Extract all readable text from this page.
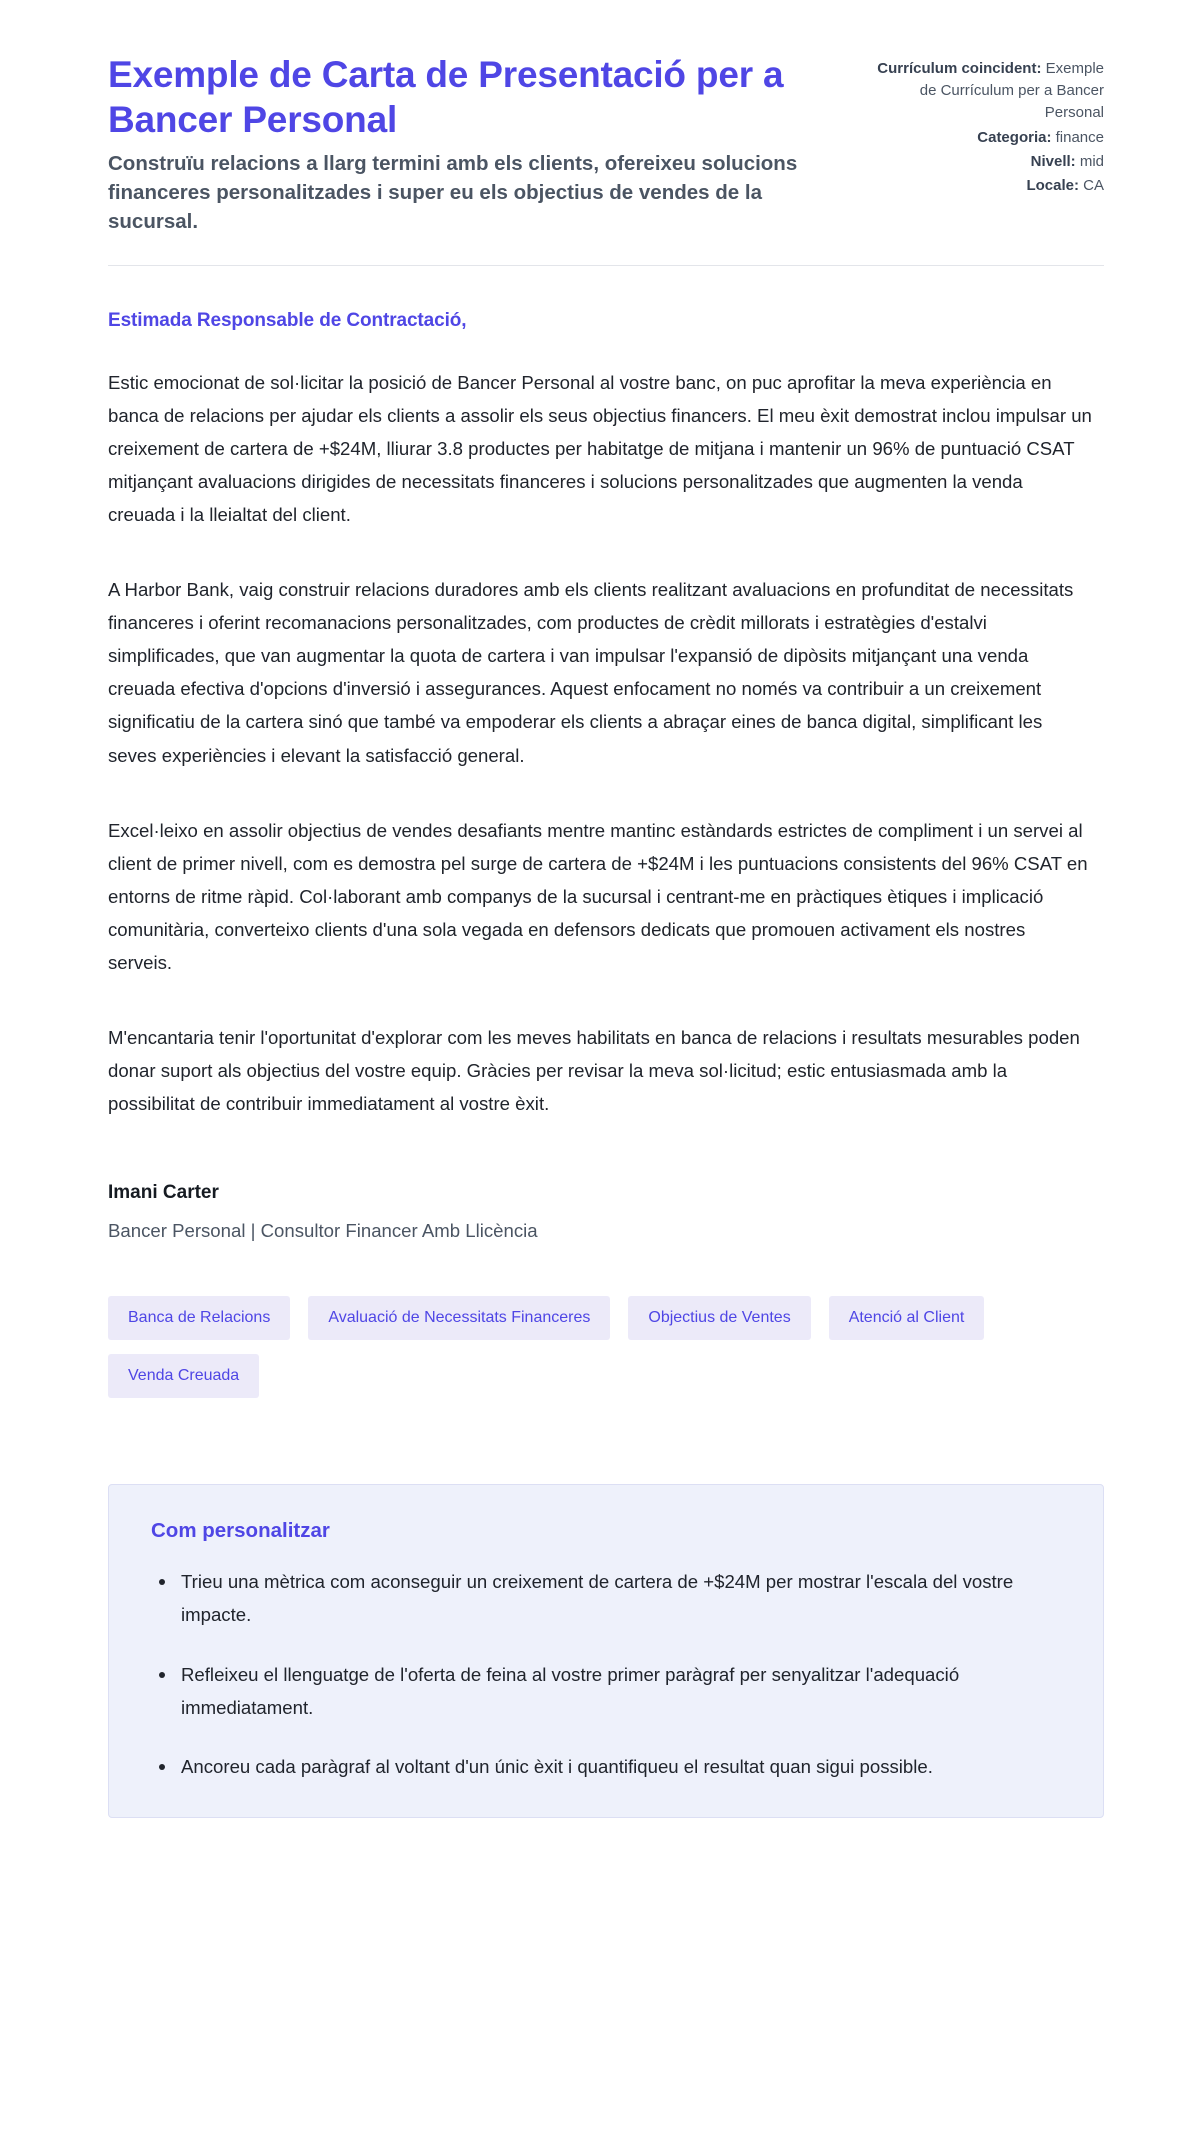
Exemple de Carta de Presentació per a Bancer Personal

Construïu relacions a llarg termini amb els clients, ofereixeu solucions financeres personalitzades i super eu els objectius de vendes de la sucursal.

Currículum coincident: Exemple de Currículum per a Bancer Personal
Categoria: finance
Nivell: mid
Locale: CA

Estimada Responsable de Contractació,

Estic emocionat de sol·licitar la posició de Bancer Personal al vostre banc, on puc aprofitar la meva experiència en banca de relacions per ajudar els clients a assolir els seus objectius financers. El meu èxit demostrat inclou impulsar un creixement de cartera de +$24M, lliurar 3.8 productes per habitatge de mitjana i mantenir un 96% de puntuació CSAT mitjançant avaluacions dirigides de necessitats financeres i solucions personalitzades que augmenten la venda creuada i la lleialtat del client.

A Harbor Bank, vaig construir relacions duradores amb els clients realitzant avaluacions en profunditat de necessitats financeres i oferint recomanacions personalitzades, com productes de crèdit millorats i estratègies d'estalvi simplificades, que van augmentar la quota de cartera i van impulsar l'expansió de dipòsits mitjançant una venda creuada efectiva d'opcions d'inversió i assegurances. Aquest enfocament no només va contribuir a un creixement significatiu de la cartera sinó que també va empoderar els clients a abraçar eines de banca digital, simplificant les seves experiències i elevant la satisfacció general.

Excel·leixo en assolir objectius de vendes desafiants mentre mantinc estàndards estrictes de compliment i un servei al client de primer nivell, com es demostra pel surge de cartera de +$24M i les puntuacions consistents del 96% CSAT en entorns de ritme ràpid. Col·laborant amb companys de la sucursal i centrant-me en pràctiques ètiques i implicació comunitària, converteixo clients d'una sola vegada en defensors dedicats que promouen activament els nostres serveis.

M'encantaria tenir l'oportunitat d'explorar com les meves habilitats en banca de relacions i resultats mesurables poden donar suport als objectius del vostre equip. Gràcies per revisar la meva sol·licitud; estic entusiasmada amb la possibilitat de contribuir immediatament al vostre èxit.

Imani Carter

Bancer Personal | Consultor Financer Amb Llicència

Banca de Relacions	Avaluació de Necessitats Financeres	Objectius de Ventes	Atenció al Client
Venda Creuada

Com personalitzar

Trieu una mètrica com aconseguir un creixement de cartera de +$24M per mostrar l'escala del vostre impacte.
Refleixeu el llenguatge de l'oferta de feina al vostre primer paràgraf per senyalitzar l'adequació immediatament.
Ancoreu cada paràgraf al voltant d'un únic èxit i quantifiqueu el resultat quan sigui possible.
